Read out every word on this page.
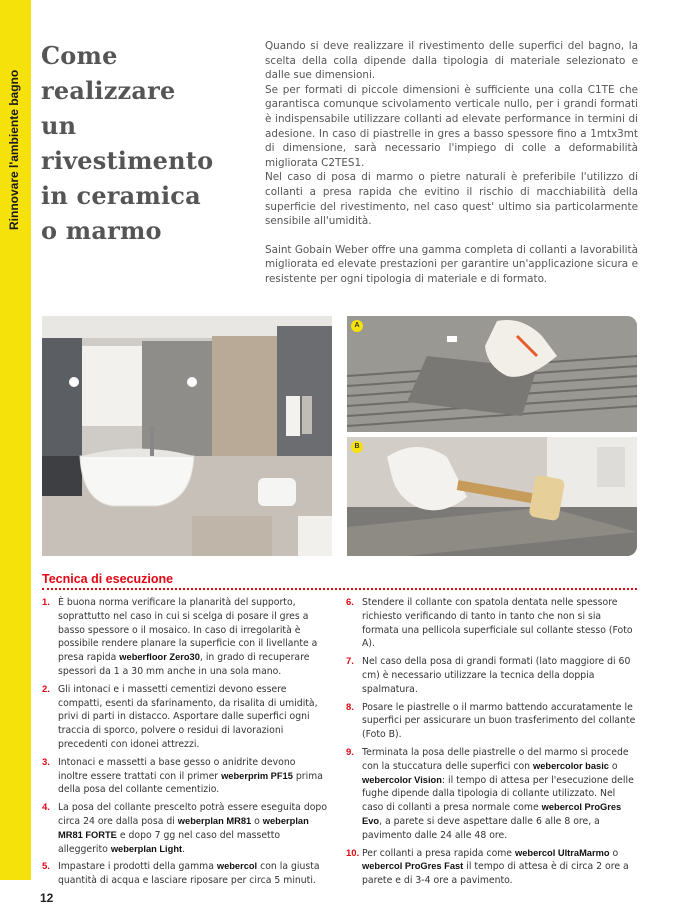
Rinnovare l'ambiente bagno
Come realizzare
un rivestimento
in ceramica
o marmo

Quando si deve realizzare il rivestimento delle superfici del bagno, la scelta della colla dipende dalla tipologia di materiale selezionato e dalle sue dimensioni.

Se per formati di piccole dimensioni è sufficiente una colla C1TE che garantisca comunque scivolamento verticale nullo, per i grandi formati è indispensabile utilizzare collanti ad elevate performance in termini di adesione. In caso di piastrelle in gres a basso spessore fino a 1mtx3mt di dimensione, sarà necessario l'impiego di colle a deformabilità migliorata C2TES1.

Nel caso di posa di marmo o pietre naturali è preferibile l'utilizzo di collanti a presa rapida che evitino il rischio di macchiabilità della superficie del rivestimento, nel caso quest' ultimo sia particolarmente sensibile all'umidità.

Saint Gobain Weber offre una gamma completa di collanti a lavorabilità migliorata ed elevate prestazioni per garantire un'applicazione sicura e resistente per ogni tipologia di materiale e di formato.

A
B
Tecnica di esecuzione
1. È buona norma verificare la planarità del supporto, soprattutto nel caso in cui si scelga di posare il gres a basso spessore o il mosaico. In caso di irregolarità è possibile rendere planare la superficie con il livellante a presa rapida weberfloor Zero30, in grado di recuperare spessori da 1 a 30 mm anche in una sola mano.
2. Gli intonaci e i massetti cementizi devono essere compatti, esenti da sfarinamento, da risalita di umidità, privi di parti in distacco. Asportare dalle superfici ogni traccia di sporco, polvere o residui di lavorazioni precedenti con idonei attrezzi.
3. Intonaci e massetti a base gesso o anidrite devono inoltre essere trattati con il primer weberprim PF15 prima della posa del collante cementizio.
4. La posa del collante prescelto potrà essere eseguita dopo circa 24 ore dalla posa di weberplan MR81 o weberplan MR81 FORTE e dopo 7 gg nel caso del massetto alleggerito weberplan Light.
5. Impastare i prodotti della gamma webercol con la giusta quantità di acqua e lasciare riposare per circa 5 minuti.
6. Stendere il collante con spatola dentata nelle spessore richiesto verificando di tanto in tanto che non si sia formata una pellicola superficiale sul collante stesso (Foto A).
7. Nel caso della posa di grandi formati (lato maggiore di 60 cm) è necessario utilizzare la tecnica della doppia spalmatura.
8. Posare le piastrelle o il marmo battendo accuratamente le superfici per assicurare un buon trasferimento del collante (Foto B).
9. Terminata la posa delle piastrelle o del marmo si procede con la stuccatura delle superfici con webercolor basic o webercolor Vision: il tempo di attesa per l'esecuzione delle fughe dipende dalla tipologia di collante utilizzato. Nel caso di collanti a presa normale come webercol ProGres Evo, a parete si deve aspettare dalle 6 alle 8 ore, a pavimento dalle 24 alle 48 ore.
10. Per collanti a presa rapida come webercol UltraMarmo o webercol ProGres Fast il tempo di attesa è di circa 2 ore a parete e di 3-4 ore a pavimento.
12
